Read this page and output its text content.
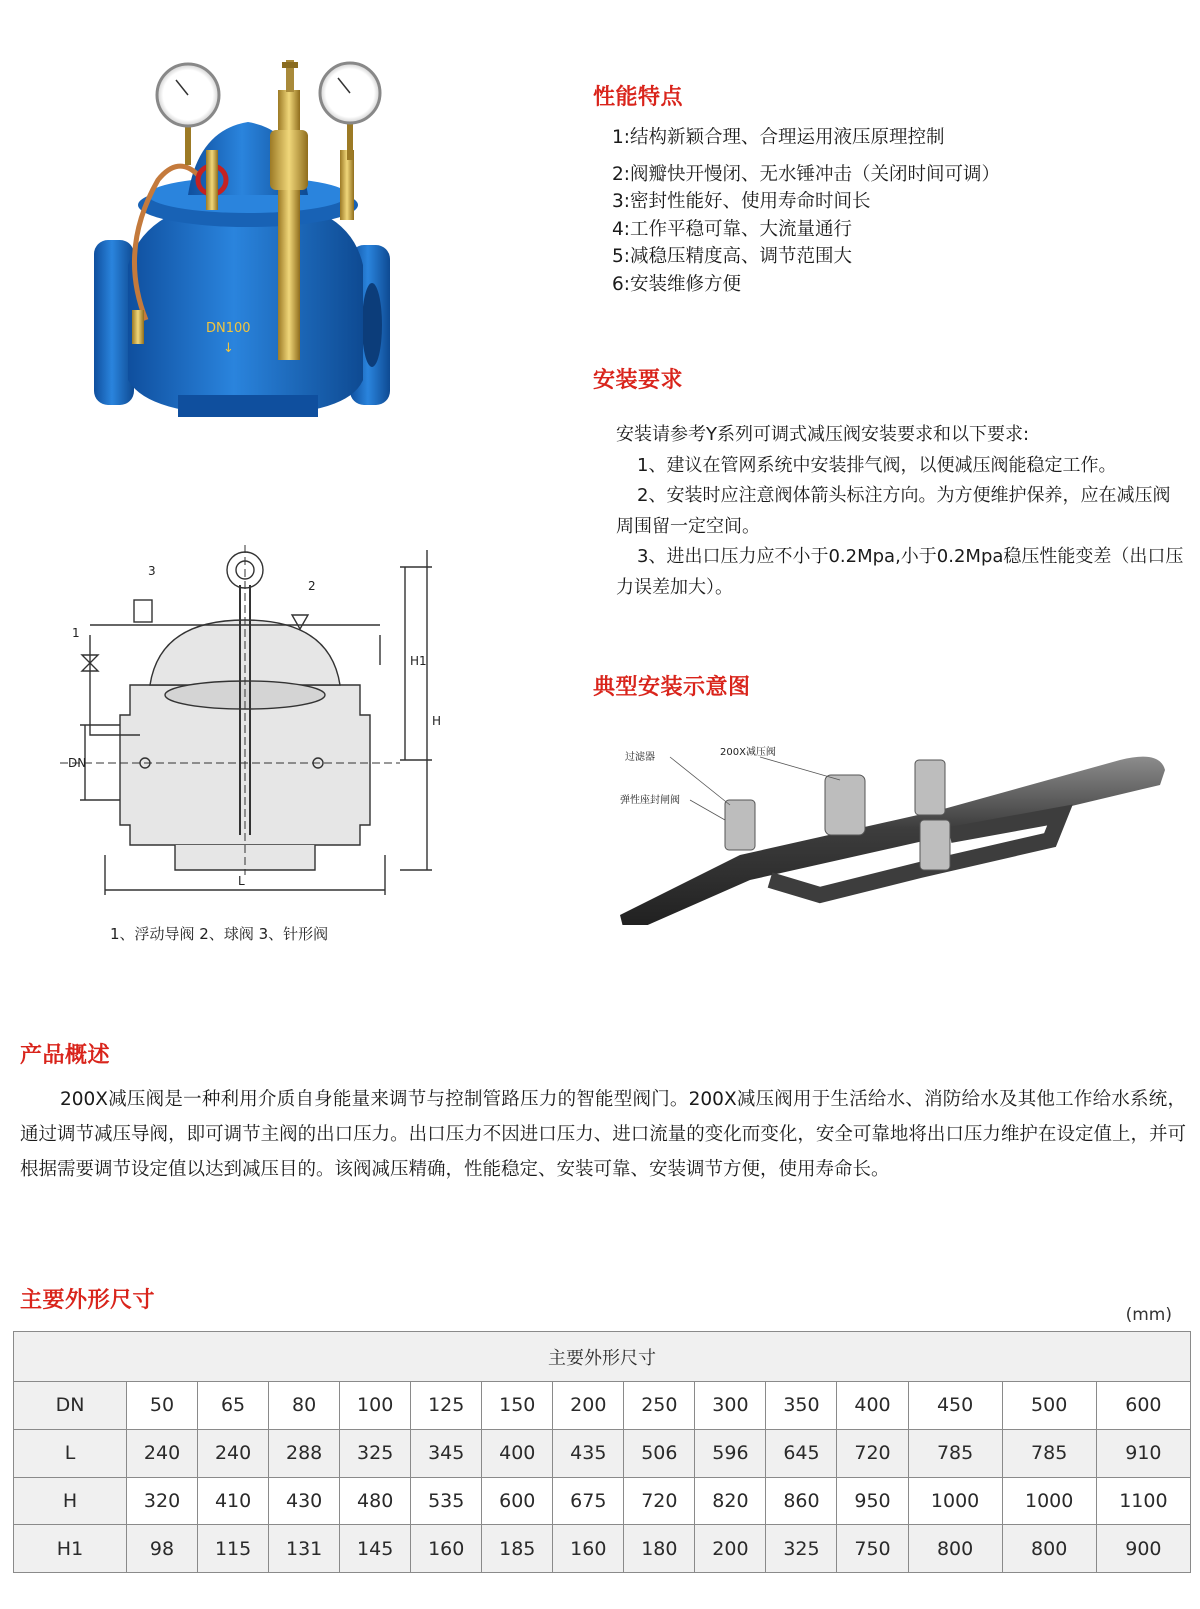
DN100
↓
性能特点
1:结构新颖合理、合理运用液压原理控制
2:阀瓣快开慢闭、无水锤冲击（关闭时间可调）
3:密封性能好、使用寿命时间长
4:工作平稳可靠、大流量通行
5:减稳压精度高、调节范围大
6:安装维修方便
安装要求

安装请参考Y系列可调式减压阀安装要求和以下要求:

1、建议在管网系统中安装排气阀，以便减压阀能稳定工作。

2、安装时应注意阀体箭头标注方向。为方便维护保养，应在减压阀周围留一定空间。

3、进出口压力应不小于0.2Mpa,小于0.2Mpa稳压性能变差（出口压力误差加大）。

1
2
3
H1
H
DN
L
1、浮动导阀 2、球阀 3、针形阀
典型安装示意图
200X减压阀
过滤器
弹性座封闸阀
产品概述

200X减压阀是一种利用介质自身能量来调节与控制管路压力的智能型阀门。200X减压阀用于生活给水、消防给水及其他工作给水系统，通过调节减压导阀，即可调节主阀的出口压力。出口压力不因进口压力、进口流量的变化而变化，安全可靠地将出口压力维护在设定值上，并可根据需要调节设定值以达到减压目的。该阀减压精确，性能稳定、安装可靠、安装调节方便，使用寿命长。

主要外形尺寸
(mm)
主要外形尺寸														
DN	50	65	80	100	125	150	200	250	300	350	400	450	500	600
L	240	240	288	325	345	400	435	506	596	645	720	785	785	910
H	320	410	430	480	535	600	675	720	820	860	950	1000	1000	1100
H1	98	115	131	145	160	185	160	180	200	325	750	800	800	900
